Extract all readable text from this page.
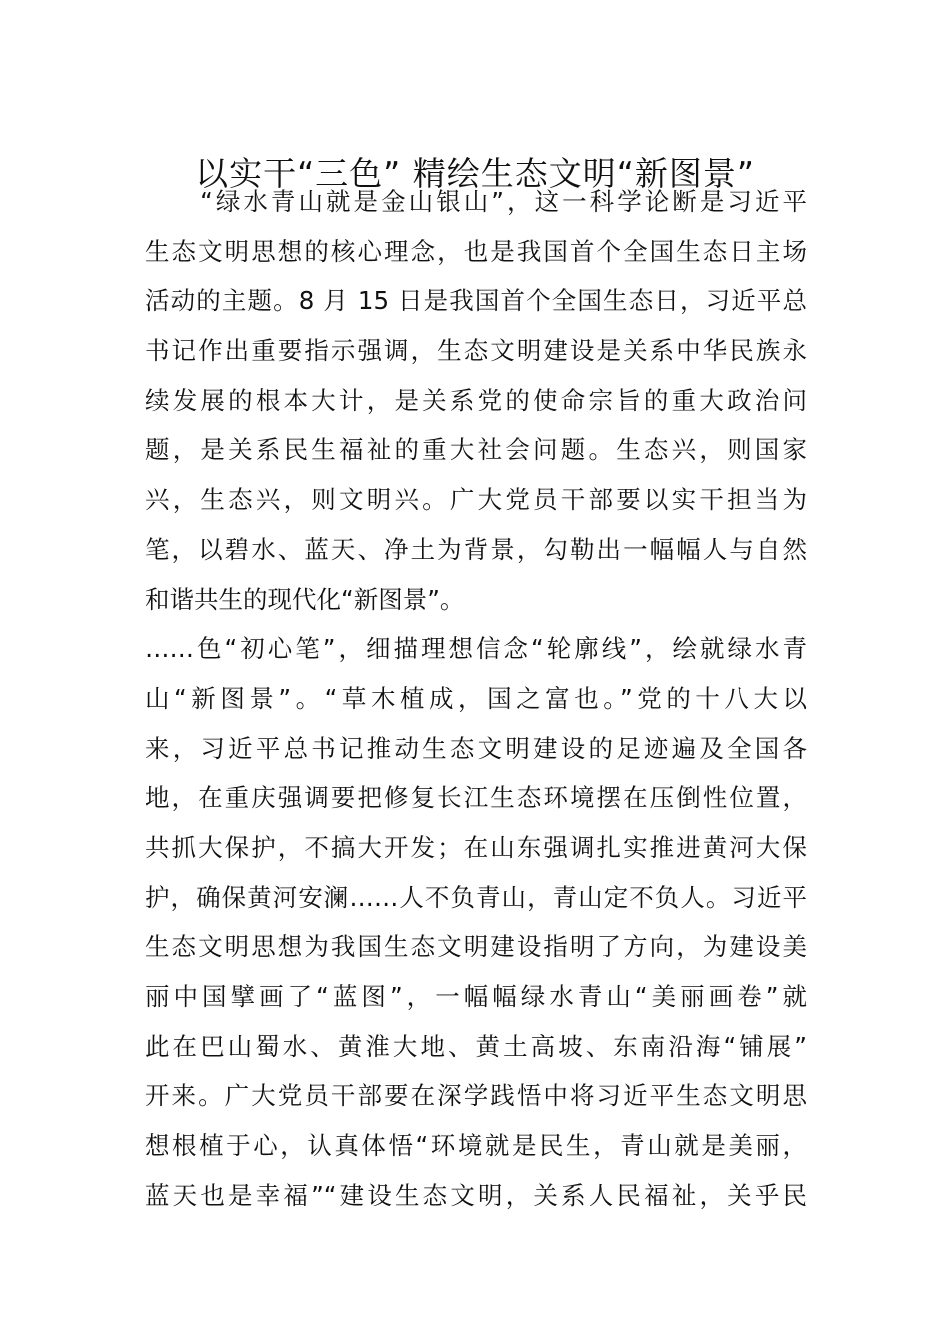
以实干“三色” 精绘生态文明“新图景”
　　“绿水青山就是金山银山”，这一科学论断是习近平
生态文明思想的核心理念，也是我国首个全国生态日主场
活动的主题。8 月 15 日是我国首个全国生态日，习近平总
书记作出重要指示强调，生态文明建设是关系中华民族永
续发展的根本大计，是关系党的使命宗旨的重大政治问
题，是关系民生福祉的重大社会问题。生态兴，则国家
兴，生态兴，则文明兴。广大党员干部要以实干担当为
笔，以碧水、蓝天、净土为背景，勾勒出一幅幅人与自然
和谐共生的现代化“新图景”。
……色“初心笔”，细描理想信念“轮廓线”，绘就绿水青
山“新图景”。“草木植成，国之富也。”党的十八大以
来，习近平总书记推动生态文明建设的足迹遍及全国各
地，在重庆强调要把修复长江生态环境摆在压倒性位置，
共抓大保护，不搞大开发；在山东强调扎实推进黄河大保
护，确保黄河安澜……人不负青山，青山定不负人。习近平
生态文明思想为我国生态文明建设指明了方向，为建设美
丽中国擘画了“蓝图”，一幅幅绿水青山“美丽画卷”就
此在巴山蜀水、黄淮大地、黄土高坡、东南沿海“铺展”
开来。广大党员干部要在深学践悟中将习近平生态文明思
想根植于心，认真体悟“环境就是民生，青山就是美丽，
蓝天也是幸福”“建设生态文明，关系人民福祉，关乎民
